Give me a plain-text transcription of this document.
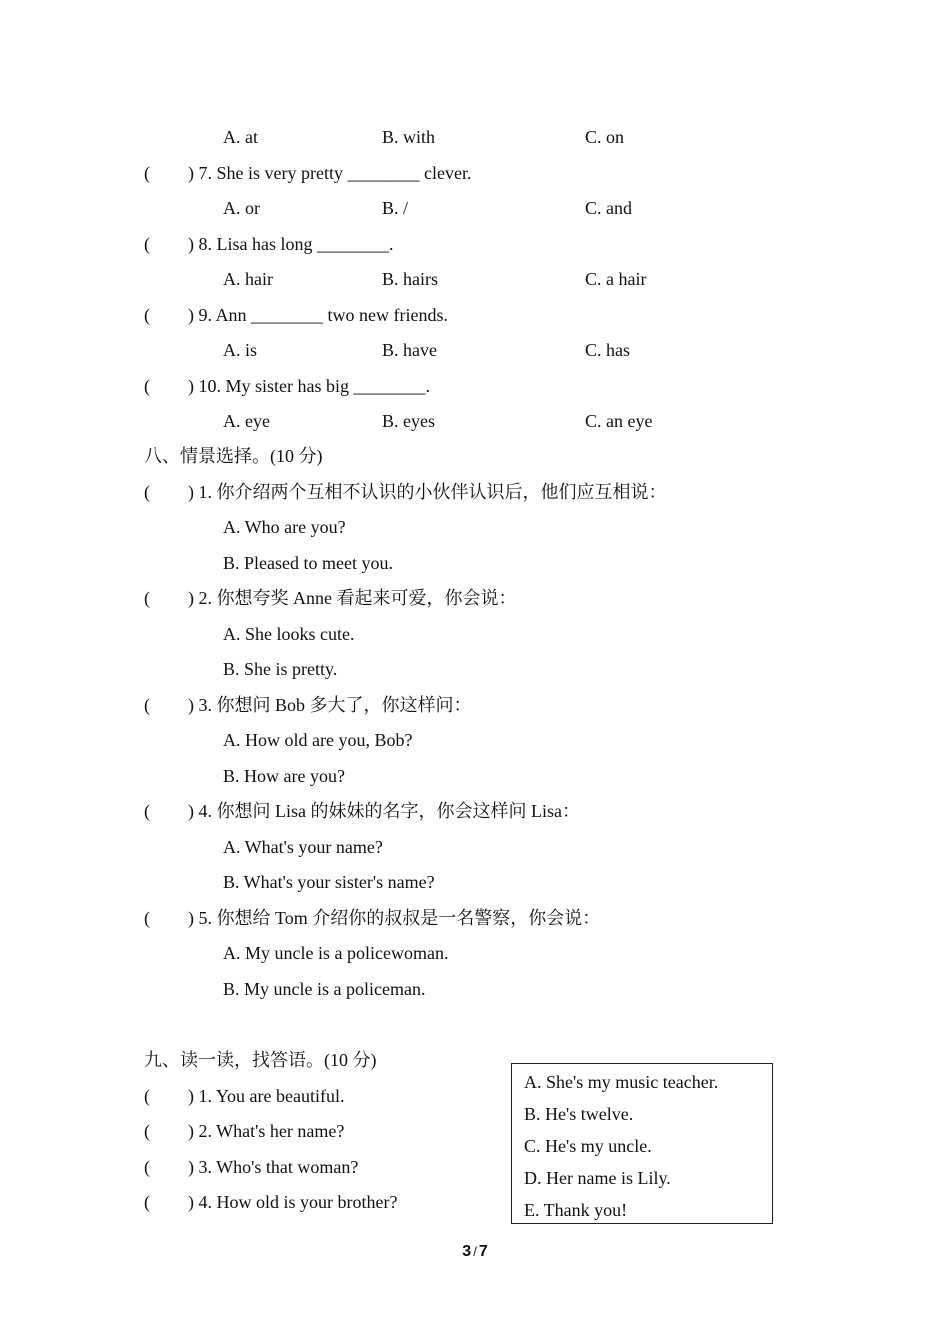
A. at	B. with	C. on
( ) 7. She is very pretty ________ clever.
A. or	B. /	C. and
( ) 8. Lisa has long ________.
A. hair	B. hairs	C. a hair
( ) 9. Ann ________ two new friends.
A. is	B. have	C. has
( ) 10. My sister has big ________.
A. eye	B. eyes	C. an eye
八、情景选择。(10 分)
( ) 1. 你介绍两个互相不认识的小伙伴认识后，他们应互相说：
A. Who are you?
B. Pleased to meet you.
( ) 2. 你想夸奖 Anne 看起来可爱，你会说：
A. She looks cute.
B. She is pretty.
( ) 3. 你想问 Bob 多大了，你这样问：
A. How old are you, Bob?
B. How are you?
( ) 4. 你想问 Lisa 的妹妹的名字，你会这样问 Lisa：
A. What's your name?
B. What's your sister's name?
( ) 5. 你想给 Tom 介绍你的叔叔是一名警察，你会说：
A. My uncle is a policewoman.
B. My uncle is a policeman.
九、读一读，找答语。(10 分)
( ) 1. You are beautiful.
( ) 2. What's her name?
( ) 3. Who's that woman?
( ) 4. How old is your brother?
A. She's my music teacher.
B. He's twelve.
C. He's my uncle.
D. Her name is Lily.
E. Thank you!
3 / 7
